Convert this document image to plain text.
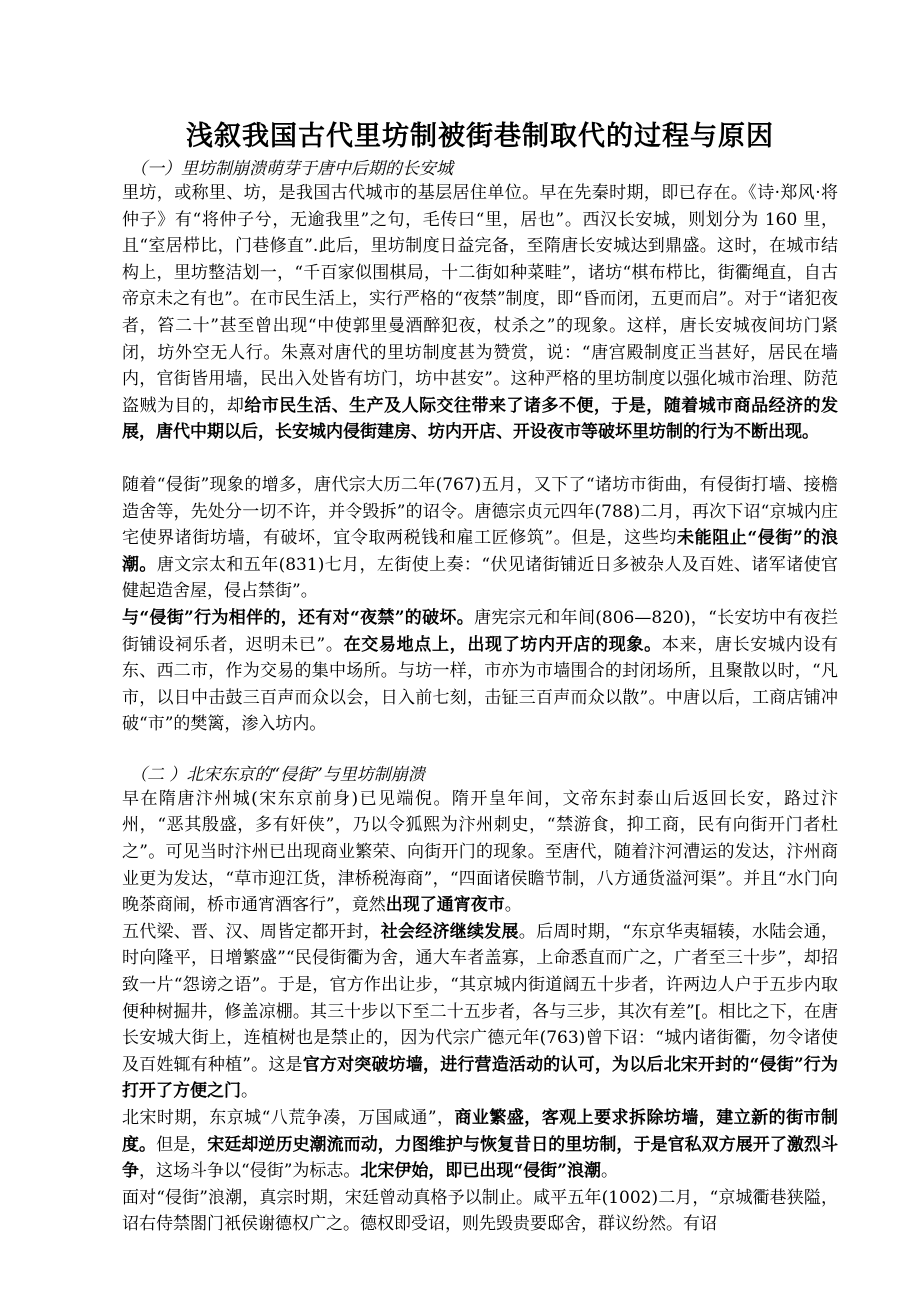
浅叙我国古代里坊制被街巷制取代的过程与原因

（一）里坊制崩溃萌芽于唐中后期的长安城

里坊，或称里、坊，是我国古代城市的基层居住单位。早在先秦时期，即已存在。《诗·郑风·将仲子》有“将仲子兮，无逾我里”之句，毛传曰“里，居也”。西汉长安城，则划分为 160 里，且“室居栉比，门巷修直”.此后，里坊制度日益完备，至隋唐长安城达到鼎盛。这时，在城市结构上，里坊整洁划一，“千百家似围棋局，十二街如种菜畦”，诸坊“棋布栉比，街衢绳直，自古帝京未之有也”。在市民生活上，实行严格的“夜禁”制度，即“昏而闭，五更而启”。对于“诸犯夜者，笞二十”甚至曾出现“中使郭里曼酒醉犯夜，杖杀之”的现象。这样，唐长安城夜间坊门紧闭，坊外空无人行。朱熹对唐代的里坊制度甚为赞赏，说：“唐宫殿制度正当甚好，居民在墙内，官街皆用墙，民出入处皆有坊门，坊中甚安”。这种严格的里坊制度以强化城市治理、防范盗贼为目的，却给市民生活、生产及人际交往带来了诸多不便，于是，随着城市商品经济的发展，唐代中期以后，长安城内侵街建房、坊内开店、开设夜市等破坏里坊制的行为不断出现。

随着“侵街”现象的增多，唐代宗大历二年(767)五月，又下了“诸坊市街曲，有侵街打墙、接檐造舍等，先处分一切不许，并令毁拆”的诏令。唐德宗贞元四年(788)二月，再次下诏“京城内庄宅使界诸街坊墙，有破坏，宜令取两税钱和雇工匠修筑”。但是，这些均未能阻止“侵街”的浪潮。唐文宗太和五年(831)七月，左街使上奏：“伏见诸街铺近日多被杂人及百姓、诸军诸使官健起造舍屋，侵占禁街”。

与“侵街”行为相伴的，还有对“夜禁”的破坏。唐宪宗元和年间(806—820)，“长安坊中有夜拦街铺设祠乐者，迟明未已”。在交易地点上，出现了坊内开店的现象。本来，唐长安城内设有东、西二市，作为交易的集中场所。与坊一样，市亦为市墙围合的封闭场所，且聚散以时，“凡市，以日中击鼓三百声而众以会，日入前七刻，击钲三百声而众以散”。中唐以后，工商店铺冲破“市”的樊篱，渗入坊内。

（二 ）北宋东京的“侵街”与里坊制崩溃

早在隋唐汴州城(宋东京前身)已见端倪。隋开皇年间，文帝东封泰山后返回长安，路过汴州，“恶其殷盛，多有奸侠”，乃以令狐熙为汴州刺史，“禁游食，抑工商，民有向街开门者杜之”。可见当时汴州已出现商业繁荣、向街开门的现象。至唐代，随着汴河漕运的发达，汴州商业更为发达，“草市迎江货，津桥税海商”，“四面诸侯瞻节制，八方通货溢河渠”。并且“水门向晚茶商闹，桥市通宵酒客行”，竟然出现了通宵夜市。

五代梁、晋、汉、周皆定都开封，社会经济继续发展。后周时期，“东京华夷辐辏，水陆会通，时向隆平，日增繁盛”“民侵街衢为舍，通大车者盖寡，上命悉直而广之，广者至三十步”，却招致一片“怨谤之语”。于是，官方作出让步，“其京城内街道阔五十步者，许两边人户于五步内取便种树掘井，修盖凉棚。其三十步以下至二十五步者，各与三步，其次有差”[。相比之下，在唐长安城大街上，连植树也是禁止的，因为代宗广德元年(763)曾下诏：“城内诸街衢，勿令诸使及百姓辄有种植”。这是官方对突破坊墙，进行营造活动的认可，为以后北宋开封的“侵街”行为打开了方便之门。

北宋时期，东京城“八荒争凑，万国咸通”，商业繁盛，客观上要求拆除坊墙，建立新的街市制度。但是，宋廷却逆历史潮流而动，力图维护与恢复昔日的里坊制，于是官私双方展开了激烈斗争，这场斗争以“侵街”为标志。北宋伊始，即已出现“侵街”浪潮。

面对“侵街”浪潮，真宗时期，宋廷曾动真格予以制止。咸平五年(1002)二月，“京城衢巷狭隘，诏右侍禁閤门衹侯谢德权广之。德权即受诏，则先毁贵要邸舍，群议纷然。有诏
